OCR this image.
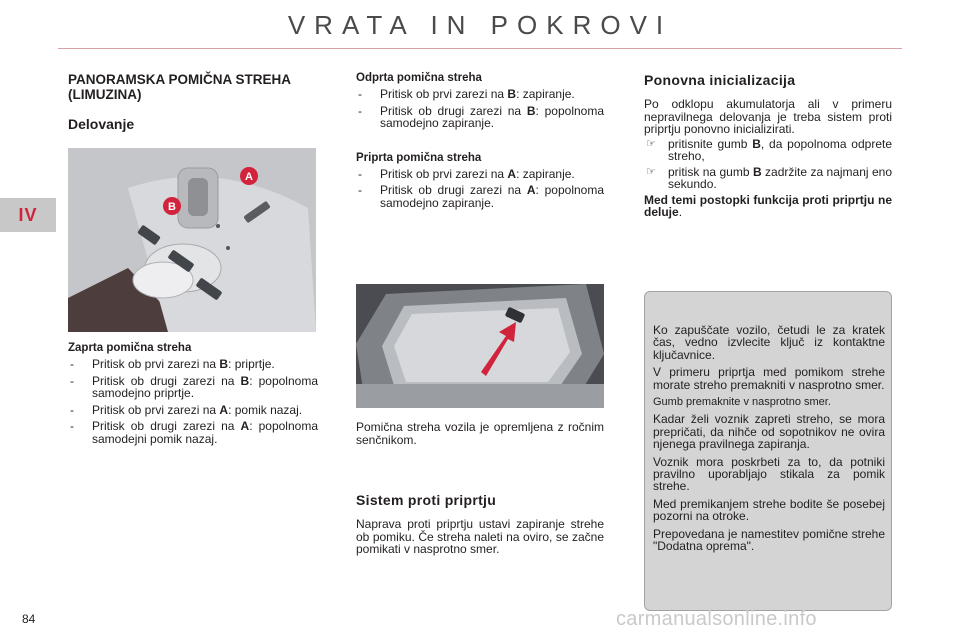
VRATA IN POKROVI
IV
PANORAMSKA POMIČNA STREHA (LIMUZINA)
Delovanje
A
B
Zaprta pomična streha
- Pritisk ob prvi zarezi na B: priprtje.
- Pritisk ob drugi zarezi na B: popolnoma samodejno priprtje.
- Pritisk ob prvi zarezi na A: pomik nazaj.
- Pritisk ob drugi zarezi na A: popolnoma samodejni pomik nazaj.
Odprta pomična streha
- Pritisk ob prvi zarezi na B: zapiranje.
- Pritisk ob drugi zarezi na B: popolnoma samodejno zapiranje.
Priprta pomična streha
- Pritisk ob prvi zarezi na A: zapiranje.
- Pritisk ob drugi zarezi na A: popolnoma samodejno zapiranje.
Pomična streha vozila je opremljena z ročnim senčnikom.
Sistem proti priprtju
Naprava proti priprtju ustavi zapiranje strehe ob pomiku. Če streha naleti na oviro, se začne pomikati v nasprotno smer.
Ponovna inicializacija
Po odklopu akumulatorja ali v primeru nepravilnega delovanja je treba sistem proti priprtju ponovno inicializirati.
☞ pritisnite gumb B, da popolnoma odprete streho,
☞ pritisk na gumb B zadržite za najmanj eno sekundo.
Med temi postopki funkcija proti priprtju ne deluje.
Ko zapuščate vozilo, četudi le za kratek čas, vedno izvlecite ključ iz kontaktne ključavnice.
V primeru priprtja med pomikom strehe morate streho premakniti v nasprotno smer.
Gumb premaknite v nasprotno smer.
Kadar želi voznik zapreti streho, se mora prepričati, da nihče od sopotnikov ne ovira njenega pravilnega zapiranja.
Voznik mora poskrbeti za to, da potniki pravilno uporabljajo stikala za pomik strehe.
Med premikanjem strehe bodite še posebej pozorni na otroke.
Prepovedana je namestitev pomične strehe "Dodatna oprema".
84	carmanualsonline.info
